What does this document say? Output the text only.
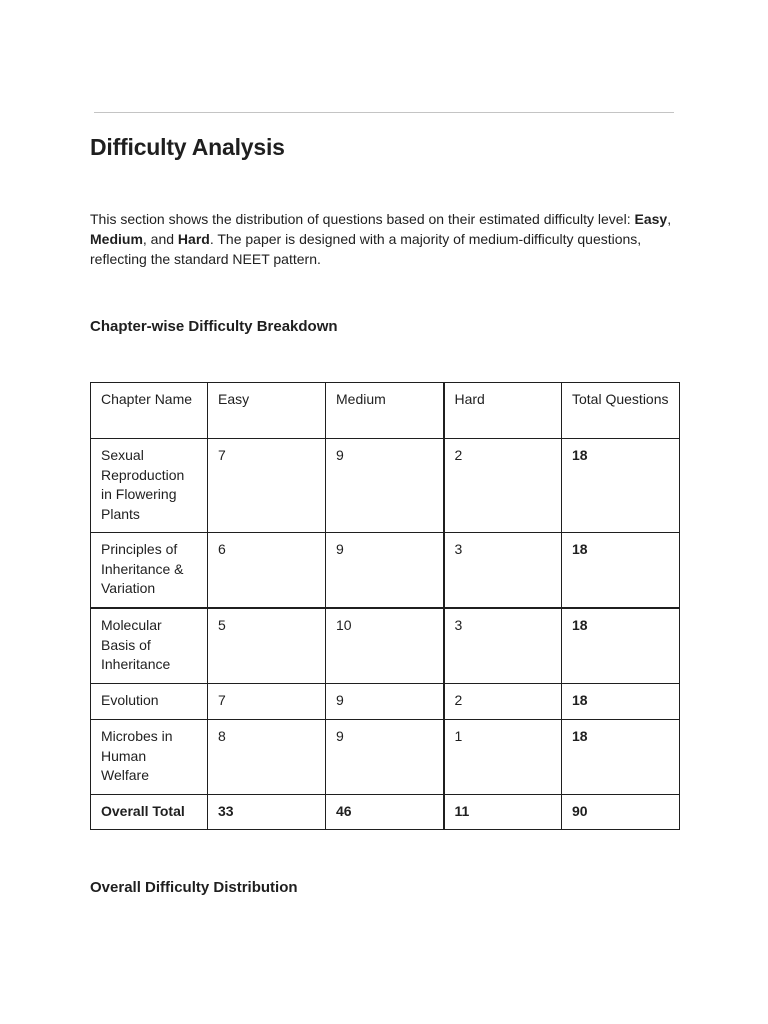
Difficulty Analysis

This section shows the distribution of questions based on their estimated difficulty level: Easy, Medium, and Hard. The paper is designed with a majority of medium-difficulty questions, reflecting the standard NEET pattern.

Chapter-wise Difficulty Breakdown
Chapter Name	Easy	Medium	Hard	Total Questions
Sexual Reproduction in Flowering Plants	7	9	2	18
Principles of Inheritance & Variation	6	9	3	18
Molecular Basis of Inheritance	5	10	3	18
Evolution	7	9	2	18
Microbes in Human Welfare	8	9	1	18
Overall Total	33	46	11	90
Overall Difficulty Distribution
